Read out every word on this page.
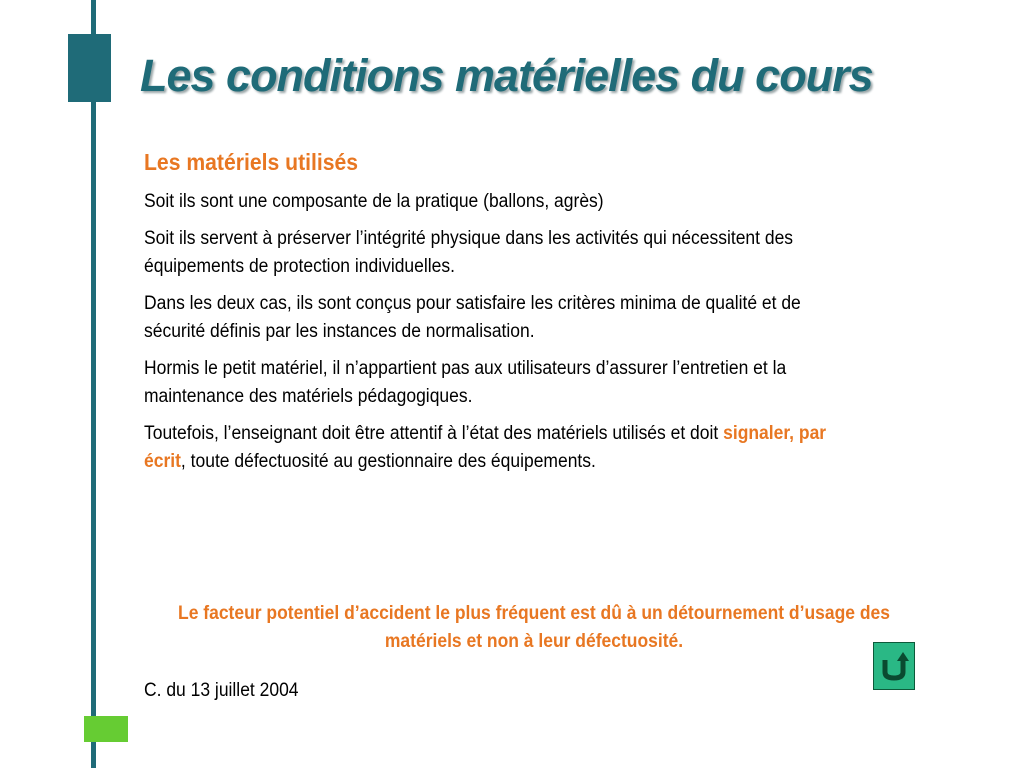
Les conditions matérielles du cours
Les matériels utilisés

Soit ils sont une composante de la pratique (ballons, agrès)

Soit ils servent à préserver l’intégrité physique dans les activités qui nécessitent des équipements de protection individuelles.

Dans les deux cas, ils sont conçus pour satisfaire les critères minima de qualité et de sécurité définis par les instances de normalisation.

Hormis le petit matériel, il n’appartient pas aux utilisateurs d’assurer l’entretien et la maintenance des matériels pédagogiques.

Toutefois, l’enseignant doit être attentif à l’état des matériels utilisés et doit signaler, par écrit, toute défectuosité au gestionnaire des équipements.

Le facteur potentiel d’accident le plus fréquent est dû à un détournement d’usage des matériels et non à leur défectuosité.

C. du 13 juillet 2004
